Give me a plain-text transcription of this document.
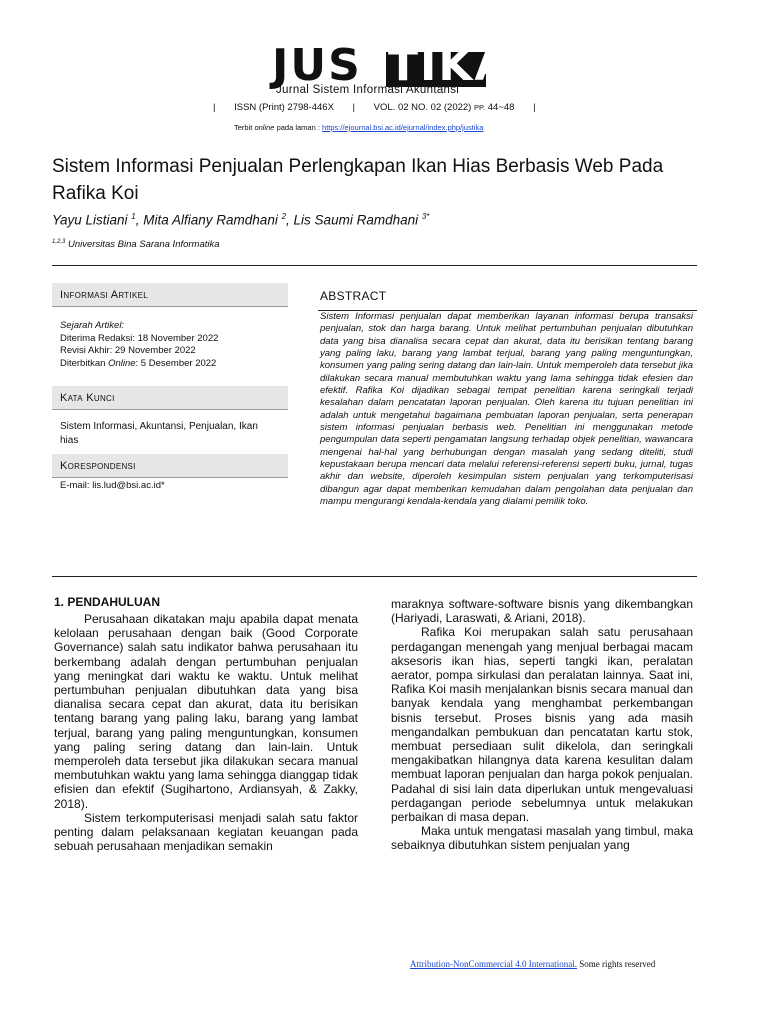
JUS TIKA
Jurnal Sistem Informasi Akuntansi
| ISSN (Print) 2798-446X | VOL. 02 NO. 02 (2022) PP. 44~48 |
Terbit online pada laman : https://ejournal.bsi.ac.id/ejurnal/index.php/justika
Sistem Informasi Penjualan Perlengkapan Ikan Hias Berbasis Web Pada Rafika Koi
Yayu Listiani $^1$, Mita Alfiany Ramdhani $^2$, Lis Saumi Ramdhani $^{3*}$
$^{1,2,3}$ Universitas Bina Sarana Informatika
Informasi Artikel
Sejarah Artikel:
Diterima Redaksi: 18 November 2022
Revisi Akhir: 29 November 2022
Diterbitkan Online: 5 Desember 2022
Kata Kunci
Sistem Informasi, Akuntansi, Penjualan, Ikan hias
Korespondensi
E-mail: lis.lud@bsi.ac.id*
ABSTRACT
Sistem Informasi penjualan dapat memberikan layanan informasi berupa transaksi penjualan, stok dan harga barang. Untuk melihat pertumbuhan penjualan dibutuhkan data yang bisa dianalisa secara cepat dan akurat, data itu berisikan tentang barang yang paling laku, barang yang lambat terjual, barang yang paling menguntungkan, konsumen yang paling sering datang dan lain-lain. Untuk memperoleh data tersebut jika dilakukan secara manual membutuhkan waktu yang lama sehingga tidak efesien dan efektif. Rafika Koi dijadikan sebagai tempat penelitian karena seringkali terjadi kesalahan dalam pencatatan laporan penjualan. Oleh karena itu tujuan penelitian ini adalah untuk mengetahui bagaimana pembuatan laporan penjualan, serta penerapan sistem informasi penjualan berbasis web. Penelitian ini menggunakan metode pengumpulan data seperti pengamatan langsung terhadap objek penelitian, wawancara mengenai hal-hal yang berhubungan dengan masalah yang sedang diteliti, studi kepustakaan berupa mencari data melalui referensi-referensi seperti buku, jurnal, tugas akhir dan website, diperoleh kesimpulan sistem penjualan yang terkomputerisasi dibangun agar dapat memberikan kemudahan dalam pengolahan data penjualan dan mampu mengurangi kendala-kendala yang dialami pemilik toko.
1. PENDAHULUAN

Perusahaan dikatakan maju apabila dapat menata kelolaan perusahaan dengan baik (Good Corporate Governance) salah satu indikator bahwa perusahaan itu berkembang adalah dengan pertumbuhan penjualan yang meningkat dari waktu ke waktu. Untuk melihat pertumbuhan penjualan dibutuhkan data yang bisa dianalisa secara cepat dan akurat, data itu berisikan tentang barang yang paling laku, barang yang lambat terjual, barang yang paling menguntungkan, konsumen yang paling sering datang dan lain-lain. Untuk memperoleh data tersebut jika dilakukan secara manual membutuhkan waktu yang lama sehingga dianggap tidak efisien dan efektif (Sugihartono, Ardiansyah, & Zakky, 2018).

Sistem terkomputerisasi menjadi salah satu faktor penting dalam pelaksanaan kegiatan keuangan pada sebuah perusahaan menjadikan semakin

maraknya software-software bisnis yang dikembangkan (Hariyadi, Laraswati, & Ariani, 2018).

Rafika Koi merupakan salah satu perusahaan perdagangan menengah yang menjual berbagai macam aksesoris ikan hias, seperti tangki ikan, peralatan aerator, pompa sirkulasi dan peralatan lainnya. Saat ini, Rafika Koi masih menjalankan bisnis secara manual dan banyak kendala yang menghambat perkembangan bisnis tersebut. Proses bisnis yang ada masih mengandalkan pembukuan dan pencatatan kartu stok, membuat persediaan sulit dikelola, dan seringkali mengakibatkan hilangnya data karena kesulitan dalam membuat laporan penjualan dan harga pokok penjualan. Padahal di sisi lain data diperlukan untuk mengevaluasi perdagangan periode sebelumnya untuk melakukan perbaikan di masa depan.

Maka untuk mengatasi masalah yang timbul, maka sebaiknya dibutuhkan sistem penjualan yang

Attribution-NonCommercial 4.0 International. Some rights reserved
